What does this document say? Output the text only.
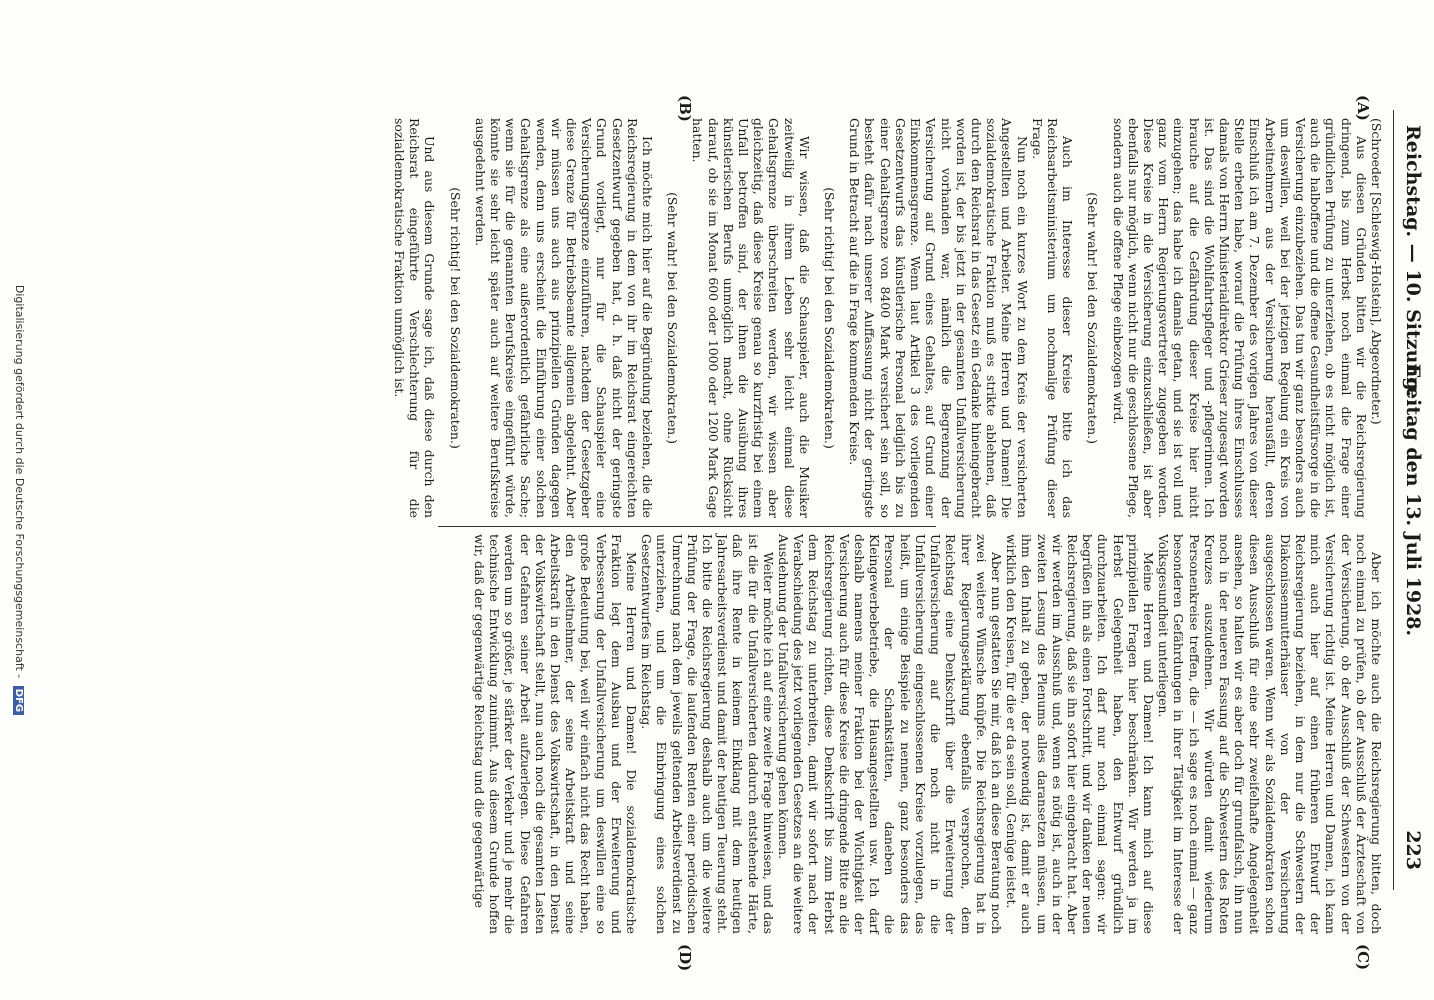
Reichstag. — 10. Sitzung.
Freitag den 13. Juli 1928.
223
(A)
(B)
(C)
(D)

(Schroeder [Schleswig-Holstein], Abgeordneter.)

Aus diesen Gründen bitten wir die Reichsregierung dringend, bis zum Herbst noch einmal die Frage einer gründlichen Prüfung zu unterziehen, ob es nicht möglich ist, auch die halboffene und die offene Gesundheitsfürsorge in die Versicherung einzubeziehen. Das tun wir ganz besonders auch um deswillen, weil bei der jetzigen Regelung ein Kreis von Arbeitnehmern aus der Versicherung herausfällt, deren Einschluß ich am 7. Dezember des vorigen Jahres von dieser Stelle erbeten habe, worauf die Prüfung ihres Einschlusses damals von Herrn Ministerialdirektor Grieser zugesagt worden ist. Das sind die Wohlfahrtspfleger und -pflegerinnen. Ich brauche auf die Gefährdung dieser Kreise hier nicht einzugehen; das habe ich damals getan, und sie ist voll und ganz vom Herrn Regierungsvertreter zugegeben worden. Diese Kreise in die Versicherung einzuschließen, ist aber ebenfalls nur möglich, wenn nicht nur die geschlossene Pflege, sondern auch die offene Pflege einbezogen wird.

(Sehr wahr! bei den Sozialdemokraten.)

Auch im Interesse dieser Kreise bitte ich das Reichsarbeitsministerium um nochmalige Prüfung dieser Frage.

Nun noch ein kurzes Wort zu dem Kreis der versicherten Angestellten und Arbeiter. Meine Herren und Damen! Die sozialdemokratische Fraktion muß es strikte ablehnen, daß durch den Reichsrat in das Gesetz ein Gedanke hineingebracht worden ist, der bis jetzt in der gesamten Unfallversicherung nicht vorhanden war, nämlich die Begrenzung der Versicherung auf Grund eines Gehaltes, auf Grund einer Einkommensgrenze. Wenn laut Artikel 3 des vorliegenden Gesetzentwurfs das künstlerische Personal lediglich bis zu einer Gehaltsgrenze von 8400 Mark versichert sein soll, so besteht dafür nach unserer Auffassung nicht der geringste Grund in Betracht auf die in Frage kommenden Kreise.

(Sehr richtig! bei den Sozialdemokraten.)

Wir wissen, daß die Schauspieler, auch die Musiker zeitweilig in ihrem Leben sehr leicht einmal diese Gehaltsgrenze überschreiten werden, wir wissen aber gleichzeitig, daß diese Kreise genau so kurzfristig bei einem Unfall betroffen sind, der ihnen die Ausübung ihres künstlerischen Berufs unmöglich macht, ohne Rücksicht darauf, ob sie im Monat 600 oder 1000 oder 1200 Mark Gage hatten.

(Sehr wahr! bei den Sozialdemokraten.)

Ich möchte mich hier auf die Begründung beziehen, die die Reichsregierung in dem von ihr im Reichsrat eingereichten Gesetzentwurf gegeben hat, d. h. daß nicht der geringste Grund vorliegt, nur für die Schauspieler eine Versicherungsgrenze einzuführen, nachdem der Gesetzgeber diese Grenze für Betriebsbeamte allgemein abgelehnt. Aber wir müssen uns auch aus prinzipiellen Gründen dagegen wenden, denn uns erscheint die Einführung einer solchen Gehaltsgrenze als eine außerordentlich gefährliche Sache; wenn sie für die genannten Berufskreise eingeführt würde, könnte sie sehr leicht später auch auf weitere Berufskreise ausgedehnt werden.

(Sehr richtig! bei den Sozialdemokraten.)

Und aus diesem Grunde sage ich, daß diese durch den Reichsrat eingeführte Verschlechterung für die sozialdemokratische Fraktion unmöglich ist.

Aber ich möchte auch die Reichsregierung bitten, doch noch einmal zu prüfen, ob der Ausschluß der Ärzteschaft von der Versicherung, ob der Ausschluß der Schwestern von der Versicherung richtig ist. Meine Herren und Damen, ich kann mich auch hier auf einen früheren Entwurf der Reichsregierung beziehen, in dem nur die Schwestern der Diakonissenmutterhäuser von der Versicherung ausgeschlossen waren. Wenn wir als Sozialdemokraten schon diesen Ausschluß für eine sehr zweifelhafte Angelegenheit ansehen, so halten wir es aber doch für grundfalsch, ihn nun noch in der neueren Fassung auf die Schwestern des Roten Kreuzes auszudehnen. Wir würden damit wiederum Personenkreise treffen, die — ich sage es noch einmal — ganz besonderen Gefährdungen in ihrer Tätigkeit im Interesse der Volksgesundheit unterliegen.

Meine Herren und Damen! Ich kann mich auf diese prinzipiellen Fragen hier beschränken. Wir werden ja im Herbst Gelegenheit haben, den Entwurf gründlich durchzuarbeiten. Ich darf nur noch einmal sagen: wir begrüßen ihn als einen Fortschritt, und wir danken der neuen Reichsregierung, daß sie ihn sofort hier eingebracht hat. Aber wir werden im Ausschuß und, wenn es nötig ist, auch in der zweiten Lesung des Plenums alles daransetzen müssen, um ihm den Inhalt zu geben, der notwendig ist, damit er auch wirklich den Kreisen, für die er da sein soll, Genüge leistet.

Aber nun gestatten Sie mir, daß ich an diese Beratung noch zwei weitere Wünsche knüpfe. Die Reichsregierung hat in ihrer Regierungserklärung ebenfalls versprochen, dem Reichstag eine Denkschrift über die Erweiterung der Unfallversicherung auf die noch nicht in die Unfallversicherung eingeschlossenen Kreise vorzulegen, das heißt, um einige Beispiele zu nennen, ganz besonders das Personal der Schankstätten, daneben die Kleingewerbebetriebe, die Hausangestellten usw. Ich darf deshalb namens meiner Fraktion bei der Wichtigkeit der Versicherung auch für diese Kreise die dringende Bitte an die Reichsregierung richten, diese Denkschrift bis zum Herbst dem Reichstag zu unterbreiten, damit wir sofort nach der Verabschiedung des jetzt vorliegenden Gesetzes an die weitere Ausdehnung der Unfallversicherung gehen können.

Weiter möchte ich auf eine zweite Frage hinweisen, und das ist die für die Unfallversicherten dadurch entstehende Härte, daß ihre Rente in keinem Einklang mit dem heutigen Jahresarbeitsverdienst und damit der heutigen Teuerung steht. Ich bitte die Reichsregierung deshalb auch um die weitere Prüfung der Frage, die laufenden Renten einer periodischen Umrechnung nach dem jeweils geltenden Arbeitsverdienst zu unterziehen, und um die Einbringung eines solchen Gesetzentwurfes im Reichstag.

Meine Herren und Damen! Die sozialdemokratische Fraktion legt dem Ausbau und der Erweiterung und Verbesserung der Unfallversicherung um deswillen eine so große Bedeutung bei, weil wir einfach nicht das Recht haben, den Arbeitnehmer, der seine Arbeitskraft und seine Arbeitskraft in den Dienst des Volkswirtschaft, in den Dienst der Volkswirtschaft stellt, nun auch noch die gesamten Lasten der Gefahren seiner Arbeit aufzuerlegen. Diese Gefahren werden um so größer, je stärker der Verkehr und je mehr die technische Entwicklung zunimmt. Aus diesem Grunde hoffen wir, daß der gegenwärtige Reichstag und die gegenwärtige

Digitalisierung gefördert durch die Deutsche Forschungsgemeinschaft - DFG
